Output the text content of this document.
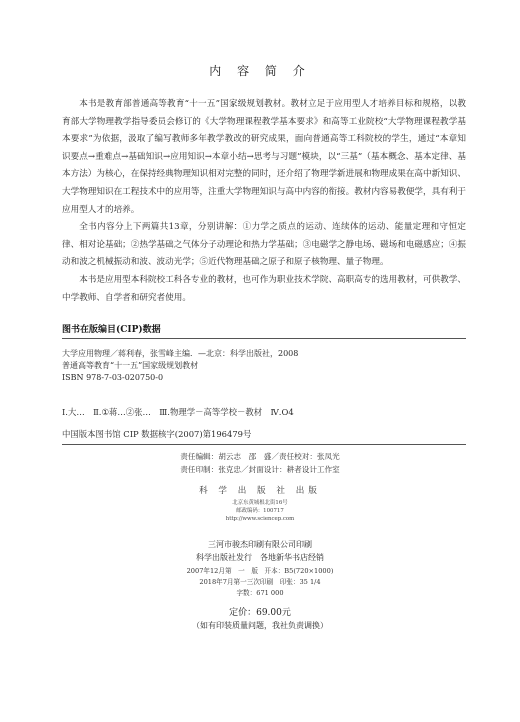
内 容 简 介

本书是教育部普通高等教育“十一五”国家级规划教材。教材立足于应用型人才培养目标和规格，以教育部大学物理教学指导委员会修订的《大学物理课程教学基本要求》和高等工业院校“大学物理课程教学基本要求”为依据，汲取了编写教师多年教学教改的研究成果，面向普通高等工科院校的学生，通过“本章知识要点→重难点→基础知识→应用知识→本章小结→思考与习题”模块，以“三基”（基本概念、基本定律、基本方法）为核心，在保持经典物理知识相对完整的同时，还介绍了物理学新进展和物理成果在高中新知识、大学物理知识在工程技术中的应用等，注重大学物理知识与高中内容的衔接。教材内容易教便学，具有利于应用型人才的培养。

全书内容分上下两篇共13章，分别讲解：①力学之质点的运动、连续体的运动、能量定理和守恒定律、相对论基础；②热学基础之气体分子动理论和热力学基础；③电磁学之静电场、磁场和电磁感应；④振动和波之机械振动和波、波动光学；⑤近代物理基础之原子和原子核物理、量子物理。

本书是应用型本科院校工科各专业的教材，也可作为职业技术学院、高职高专的选用教材，可供教学、中学教师、自学者和研究者使用。

图书在版编目(CIP)数据
大学应用物理／蒋利春，张雪峰主编．—北京：科学出版社，2008
普通高等教育“十一五”国家级规划教材
ISBN 978-7-03-020750-0
Ⅰ.大…　Ⅱ.①蒋…②张…　Ⅲ.物理学－高等学校－教材　Ⅳ.O4
中国版本图书馆 CIP 数据核字(2007)第196479号
责任编辑：胡云志　邵　盛／责任校对：张凤光
责任印制：张克忠／封面设计：耕者设计工作室
科 学 出 版 社 出版
北京东黄城根北街16号
邮政编码：100717
http://www.sciencep.com
三河市骏杰印刷有限公司印刷
科学出版社发行　各地新华书店经销
2007年12月第　一　版　开本：B5(720×1000)
2018年7月第一三次印刷　印张：35 1/4
字数：671 000
定价：69.00元
（如有印装质量问题，我社负责调换）
